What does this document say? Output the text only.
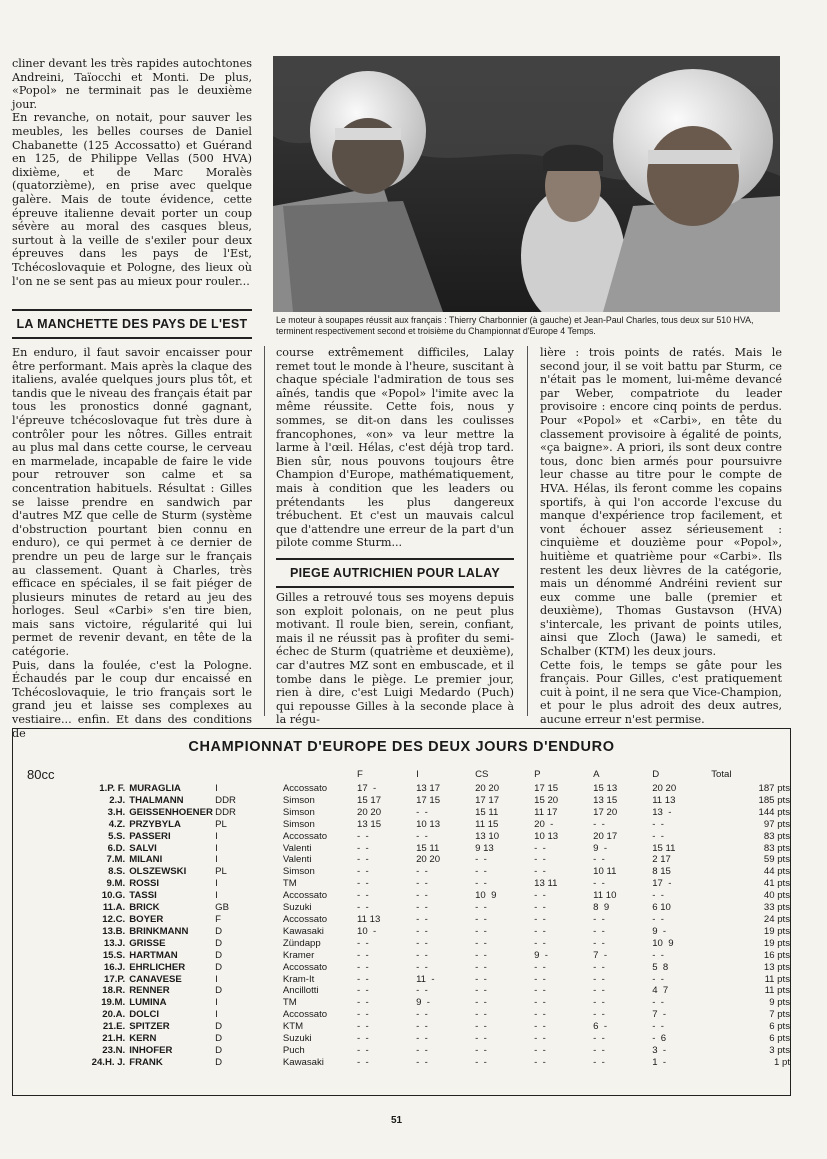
cliner devant les très rapides autochtones Andreini, Taïocchi et Monti. De plus, «Popol» ne terminait pas le deuxième jour.

En revanche, on notait, pour sauver les meubles, les belles courses de Daniel Chabanette (125 Accossatto) et Guérand en 125, de Philippe Vellas (500 HVA) dixième, et de Marc Moralès (quatorzième), en prise avec quelque galère. Mais de toute évidence, cette épreuve italienne devait porter un coup sévère au moral des casques bleus, surtout à la veille de s'exiler pour deux épreuves dans les pays de l'Est, Tchécoslovaquie et Pologne, des lieux où l'on ne se sent pas au mieux pour rouler...

Le moteur à soupapes réussit aux français : Thierry Charbonnier (à gauche) et Jean-Paul Charles, tous deux sur 510 HVA, terminent respectivement second et troisième du Championnat d'Europe 4 Temps.
LA MANCHETTE DES PAYS DE L'EST

En enduro, il faut savoir encaisser pour être performant. Mais après la claque des italiens, avalée quelques jours plus tôt, et tandis que le niveau des français était par tous les pronostics donné gagnant, l'épreuve tchécoslovaque fut très dure à contrôler pour les nôtres. Gilles entrait au plus mal dans cette course, le cerveau en marmelade, incapable de faire le vide pour retrouver son calme et sa concentration habituels. Résultat : Gilles se laisse prendre en sandwich par d'autres MZ que celle de Sturm (système d'obstruction pourtant bien connu en enduro), ce qui permet à ce dernier de prendre un peu de large sur le français au classement. Quant à Charles, très efficace en spéciales, il se fait piéger de plusieurs minutes de retard au jeu des horloges. Seul «Carbi» s'en tire bien, mais sans victoire, régularité qui lui permet de revenir devant, en tête de la catégorie.

Puis, dans la foulée, c'est la Pologne. Échaudés par le coup dur encaissé en Tchécoslovaquie, le trio français sort le grand jeu et laisse ses complexes au vestiaire... enfin. Et dans des conditions de

course extrêmement difficiles, Lalay remet tout le monde à l'heure, suscitant à chaque spéciale l'admiration de tous ses aînés, tandis que «Popol» l'imite avec la même réussite. Cette fois, nous y sommes, se dit-on dans les coulisses francophones, «on» va leur mettre la larme à l'œil. Hélas, c'est déjà trop tard. Bien sûr, nous pouvons toujours être Champion d'Europe, mathématiquement, mais à condition que les leaders ou prétendants les plus dangereux trébuchent. Et c'est un mauvais calcul que d'attendre une erreur de la part d'un pilote comme Sturm...

PIEGE AUTRICHIEN POUR LALAY

Gilles a retrouvé tous ses moyens depuis son exploit polonais, on ne peut plus motivant. Il roule bien, serein, confiant, mais il ne réussit pas à profiter du semi-échec de Sturm (quatrième et deuxième), car d'autres MZ sont en embuscade, et il tombe dans le piège. Le premier jour, rien à dire, c'est Luigi Medardo (Puch) qui repousse Gilles à la seconde place à la régu-

lière : trois points de ratés. Mais le second jour, il se voit battu par Sturm, ce n'était pas le moment, lui-même devancé par Weber, compatriote du leader provisoire : encore cinq points de perdus. Pour «Popol» et «Carbi», en tête du classement provisoire à égalité de points, «ça baigne». A priori, ils sont deux contre tous, donc bien armés pour poursuivre leur chasse au titre pour le compte de HVA. Hélas, ils feront comme les copains sportifs, à qui l'on accorde l'excuse du manque d'expérience trop facilement, et vont échouer assez sérieusement : cinquième et douzième pour «Popol», huitième et quatrième pour «Carbi». Ils restent les deux lièvres de la catégorie, mais un dénommé Andréini revient sur eux comme une balle (premier et deuxième), Thomas Gustavson (HVA) s'intercale, les privant de points utiles, ainsi que Zloch (Jawa) le samedi, et Schalber (KTM) les deux jours.

Cette fois, le temps se gâte pour les français. Pour Gilles, c'est pratiquement cuit à point, il ne sera que Vice-Champion, et pour le plus adroit des deux autres, aucune erreur n'est permise.

CHAMPIONNAT D'EUROPE DES DEUX JOURS D'ENDURO
80cc				F	I	CS	P	A	D	Total
1.P. F.	MURAGLIA	I	Accossato	17  -	13 17	20 20	17 15	15 13	20 20	187 pts
2.J.	THALMANN	DDR	Simson	15 17	17 15	17 17	15 20	13 15	11 13	185 pts
3.H.	GEISSENHOENER	DDR	Simson	20 20	-  -	15 11	11 17	17 20	13  -	144 pts
4.Z.	PRZYBYLA	PL	Simson	13 15	10 13	11 15	20  -	-  -	-  -	97 pts
5.S.	PASSERI	I	Accossato	-  -	-  -	13 10	10 13	20 17	-  -	83 pts
6.D.	SALVI	I	Valenti	-  -	15 11	9 13	-  -	9  -	15 11	83 pts
7.M.	MILANI	I	Valenti	-  -	20 20	-  -	-  -	-  -	2 17	59 pts
8.S.	OLSZEWSKI	PL	Simson	-  -	-  -	-  -	-  -	10 11	8 15	44 pts
9.M.	ROSSI	I	TM	-  -	-  -	-  -	13 11	-  -	17  -	41 pts
10.G.	TASSI	I	Accossato	-  -	-  -	10  9	-  -	11 10	-  -	40 pts
11.A.	BRICK	GB	Suzuki	-  -	-  -	-  -	-  -	8  9	6 10	33 pts
12.C.	BOYER	F	Accossato	11 13	-  -	-  -	-  -	-  -	-  -	24 pts
13.B.	BRINKMANN	D	Kawasaki	10  -	-  -	-  -	-  -	-  -	9  -	19 pts
13.J.	GRISSE	D	Zündapp	-  -	-  -	-  -	-  -	-  -	10  9	19 pts
15.S.	HARTMAN	D	Kramer	-  -	-  -	-  -	9  -	7  -	-  -	16 pts
16.J.	EHRLICHER	D	Accossato	-  -	-  -	-  -	-  -	-  -	5  8	13 pts
17.P.	CANAVESE	I	Kram-It	-  -	11  -	-  -	-  -	-  -	-  -	11 pts
18.R.	RENNER	D	Ancillotti	-  -	-  -	-  -	-  -	-  -	4  7	11 pts
19.M.	LUMINA	I	TM	-  -	9  -	-  -	-  -	-  -	-  -	9 pts
20.A.	DOLCI	I	Accossato	-  -	-  -	-  -	-  -	-  -	7  -	7 pts
21.E.	SPITZER	D	KTM	-  -	-  -	-  -	-  -	6  -	-  -	6 pts
21.H.	KERN	D	Suzuki	-  -	-  -	-  -	-  -	-  -	-  6	6 pts
23.N.	INHOFER	D	Puch	-  -	-  -	-  -	-  -	-  -	3  -	3 pts
24.H. J.	FRANK	D	Kawasaki	-  -	-  -	-  -	-  -	-  -	1  -	1 pt
51
